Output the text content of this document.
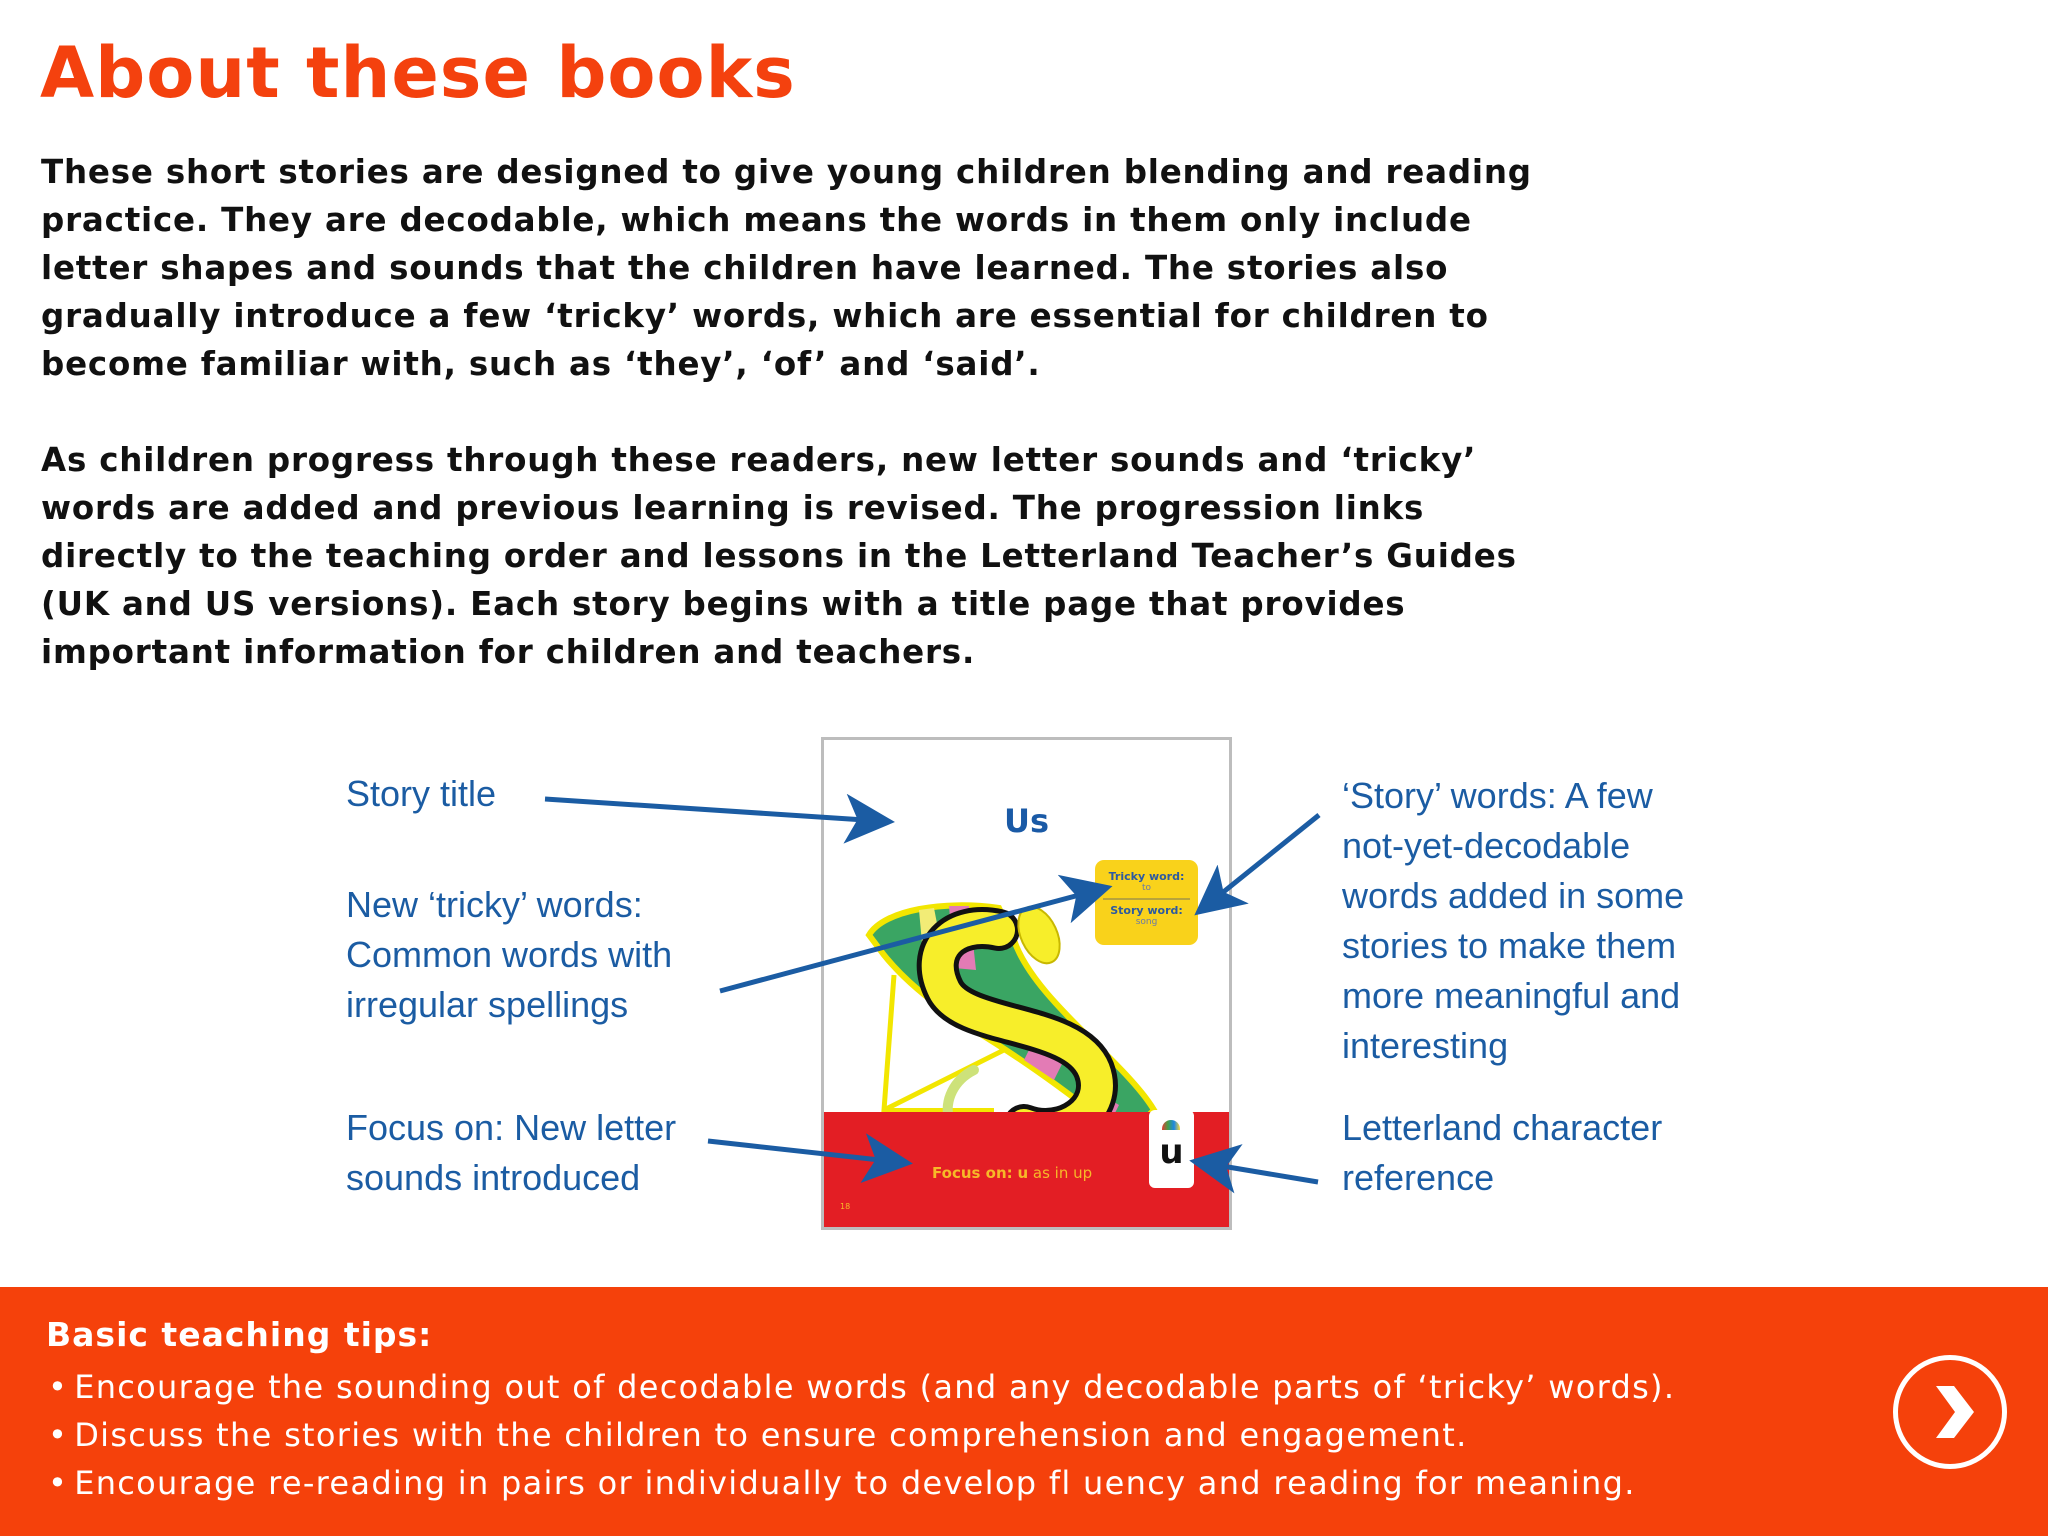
About these books

These short stories are designed to give young children blending and reading

practice. They are decodable, which means the words in them only include

letter shapes and sounds that the children have learned. The stories also

gradually introduce a few ‘tricky’ words, which are essential for children to

become familiar with, such as ‘they’, ‘of’ and ‘said’.

As children progress through these readers, new letter sounds and ‘tricky’

words are added and previous learning is revised. The progression links

directly to the teaching order and lessons in the Letterland Teacher’s Guides

(UK and US versions). Each story begins with a title page that provides

important information for children and teachers.

Story title
New ‘tricky’ words:
Common words with
irregular spellings
Focus on: New letter
sounds introduced
‘Story’ words: A few
not-yet-decodable
words added in some
stories to make them
more meaningful and
interesting
Letterland character
reference
Us
Tricky word:
to
Story word:
song
Focus on: u as in up
18
u
Basic teaching tips:
• Encourage the sounding out of decodable words (and any decodable parts of ‘tricky’ words).
• Discuss the stories with the children to ensure comprehension and engagement.
• Encourage re-reading in pairs or individually to develop fl uency and reading for meaning.
